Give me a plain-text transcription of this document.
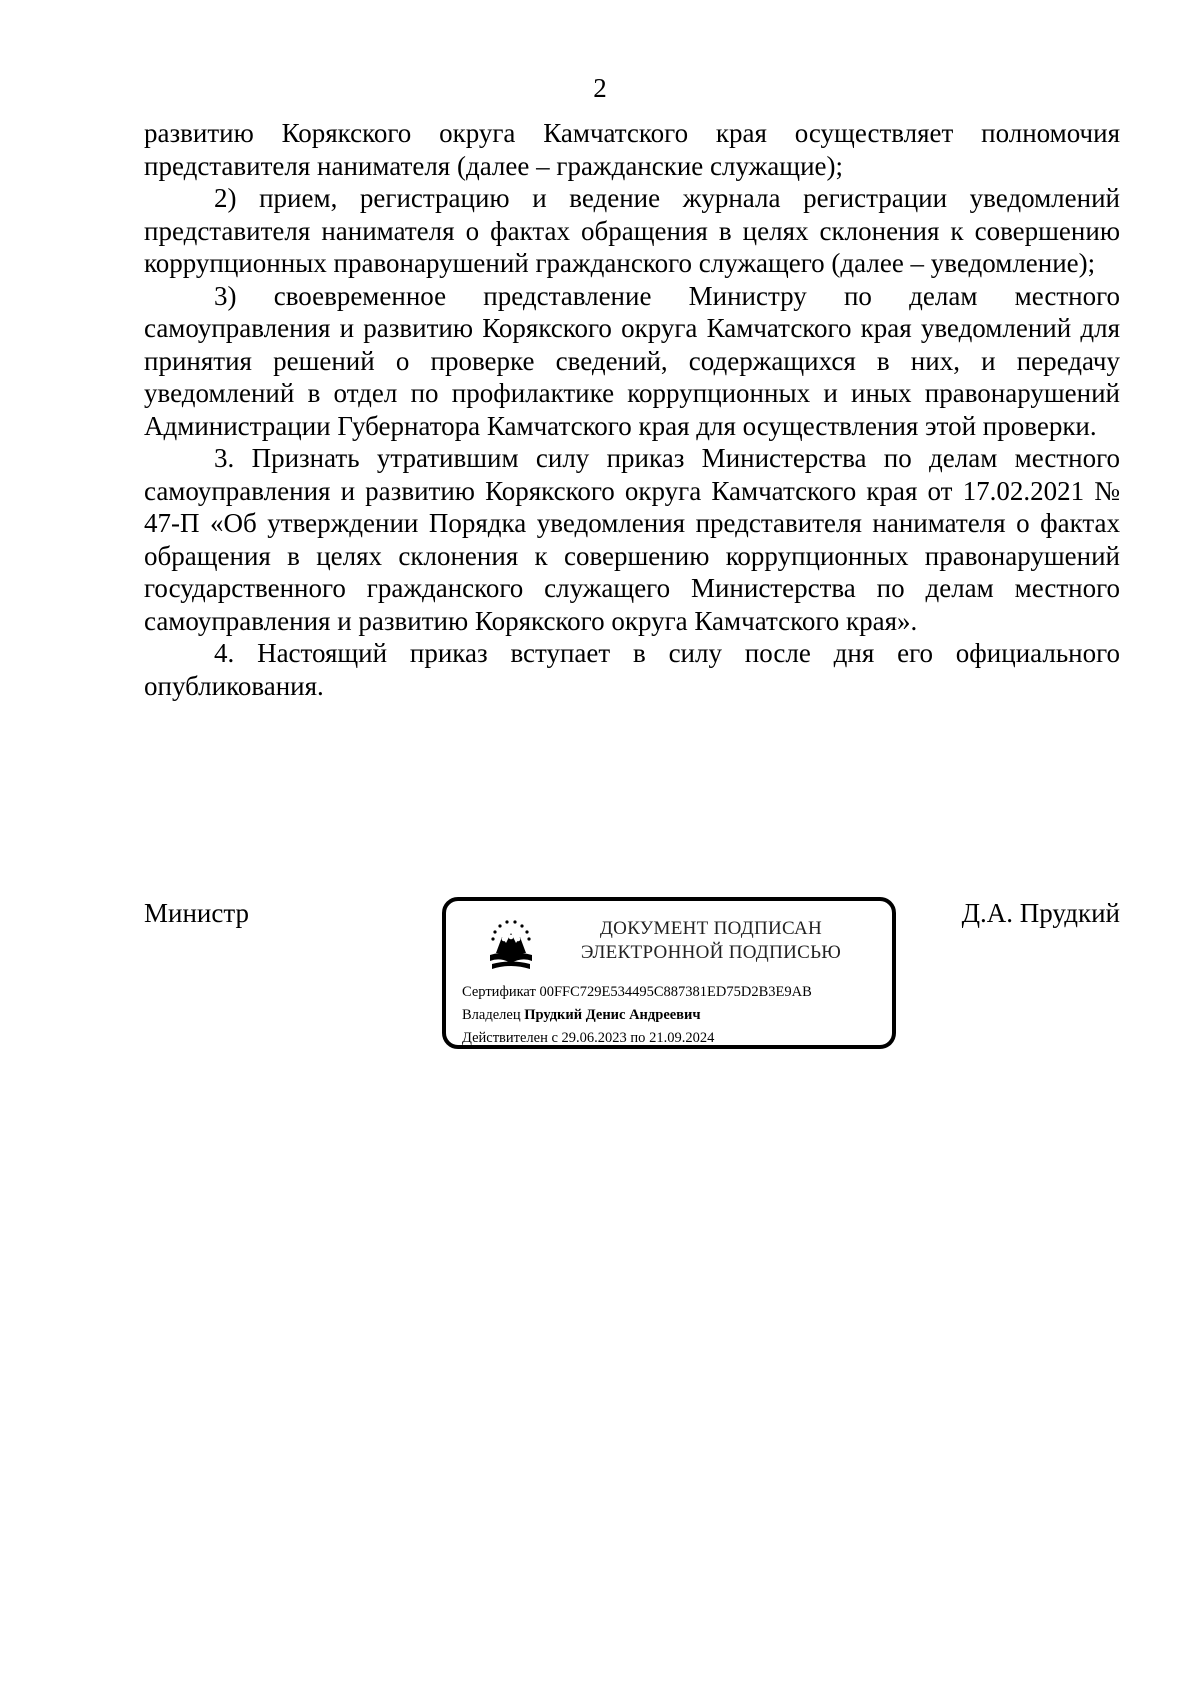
2

развитию Корякского округа Камчатского края осуществляет полномочия представителя нанимателя (далее – гражданские служащие);

2) прием, регистрацию и ведение журнала регистрации уведомлений представителя нанимателя о фактах обращения в целях склонения к совершению коррупционных правонарушений гражданского служащего (далее – уведомление);

3) своевременное представление Министру по делам местного самоуправления и развитию Корякского округа Камчатского края уведомлений для принятия решений о проверке сведений, содержащихся в них, и передачу уведомлений в отдел по профилактике коррупционных и иных правонарушений Администрации Губернатора Камчатского края для осуществления этой проверки.

3. Признать утратившим силу приказ Министерства по делам местного самоуправления и развитию Корякского округа Камчатского края от 17.02.2021 № 47-П «Об утверждении Порядка уведомления представителя нанимателя о фактах обращения в целях склонения к совершению коррупционных правонарушений государственного гражданского служащего Министерства по делам местного самоуправления и развитию Корякского округа Камчатского края».

4. Настоящий приказ вступает в силу после дня его официального опубликования.

Министр
ДОКУМЕНТ ПОДПИСАН
ЭЛЕКТРОННОЙ ПОДПИСЬЮ
Сертификат 00FFC729E534495C887381ED75D2B3E9AB
Владелец Прудкий Денис Андреевич
Действителен с 29.06.2023 по 21.09.2024
Д.А. Прудкий
